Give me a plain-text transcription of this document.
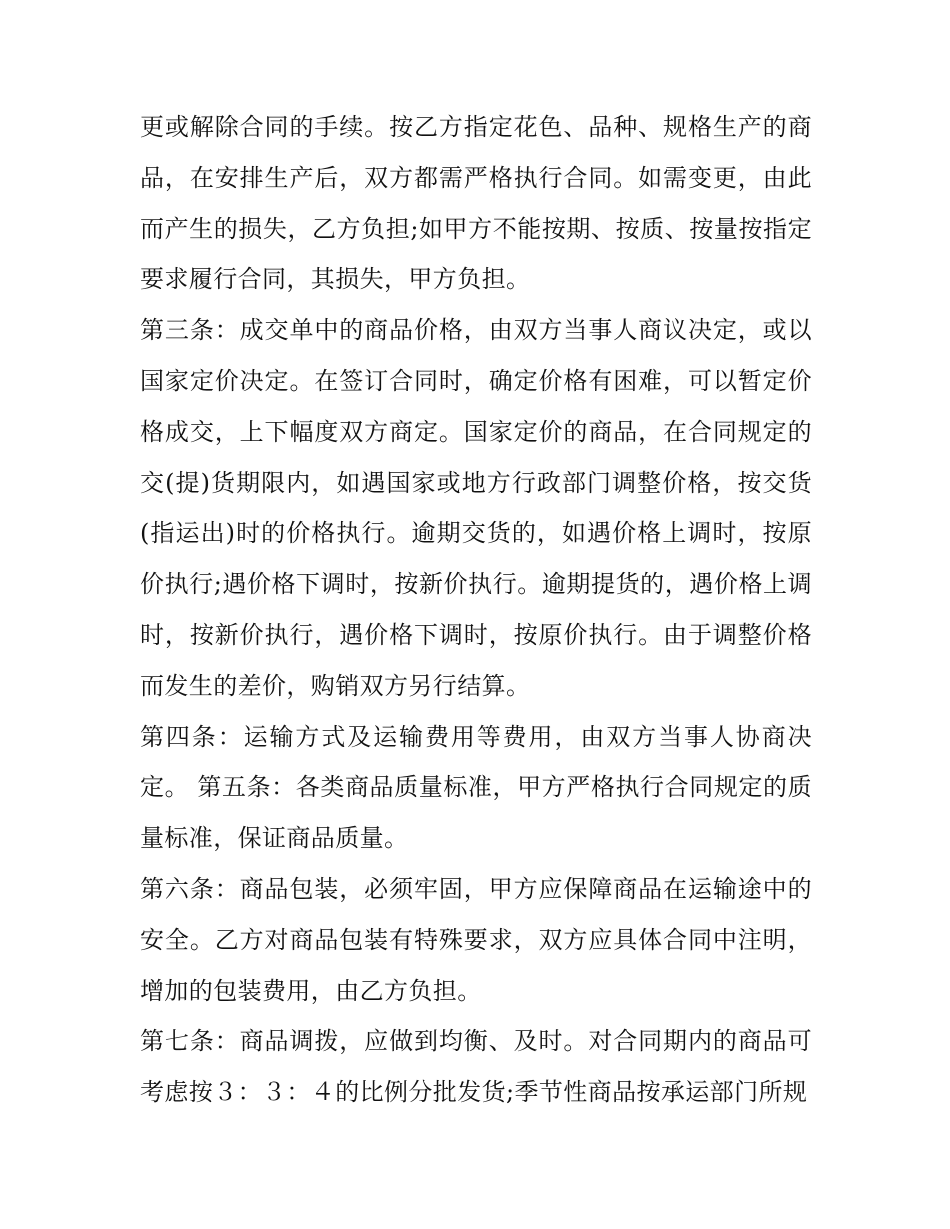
更或解除合同的手续。按乙方指定花色、品种、规格生产的商品，在安排生产后，双方都需严格执行合同。如需变更，由此而产生的损失，乙方负担;如甲方不能按期、按质、按量按指定要求履行合同，其损失，甲方负担。

第三条：成交单中的商品价格，由双方当事人商议决定，或以国家定价决定。在签订合同时，确定价格有困难，可以暂定价格成交，上下幅度双方商定。国家定价的商品，在合同规定的交(提)货期限内，如遇国家或地方行政部门调整价格，按交货(指运出)时的价格执行。逾期交货的，如遇价格上调时，按原价执行;遇价格下调时，按新价执行。逾期提货的，遇价格上调时，按新价执行，遇价格下调时，按原价执行。由于调整价格而发生的差价，购销双方另行结算。

第四条：运输方式及运输费用等费用，由双方当事人协商决定。 第五条：各类商品质量标准，甲方严格执行合同规定的质量标准，保证商品质量。

第六条：商品包装，必须牢固，甲方应保障商品在运输途中的安全。乙方对商品包装有特殊要求，双方应具体合同中注明，增加的包装费用，由乙方负担。

第七条：商品调拨，应做到均衡、及时。对合同期内的商品可考虑按３：３：４的比例分批发货;季节性商品按承运部门所规
